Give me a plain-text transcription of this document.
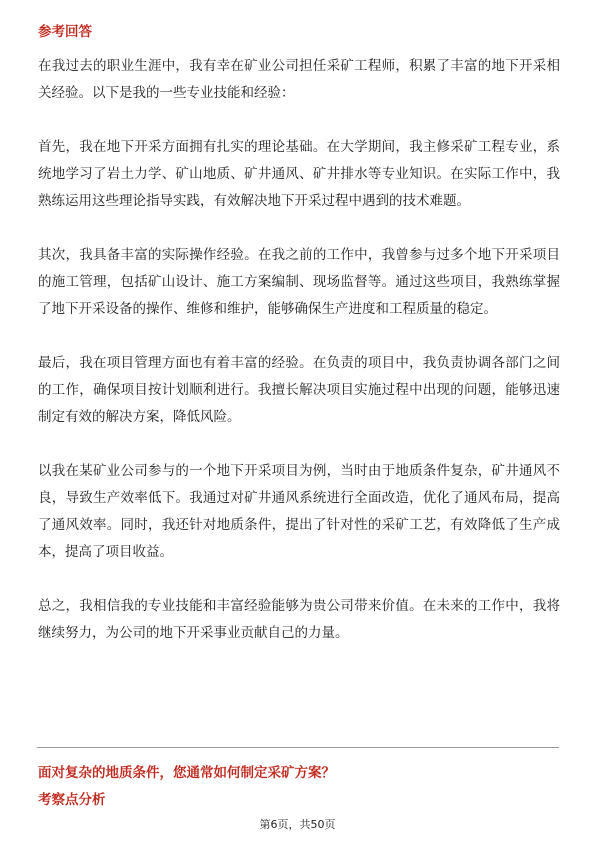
参考回答

在我过去的职业生涯中，我有幸在矿业公司担任采矿工程师，积累了丰富的地下开采相关经验。以下是我的一些专业技能和经验：

首先，我在地下开采方面拥有扎实的理论基础。在大学期间，我主修采矿工程专业，系统地学习了岩土力学、矿山地质、矿井通风、矿井排水等专业知识。在实际工作中，我熟练运用这些理论指导实践，有效解决地下开采过程中遇到的技术难题。

其次，我具备丰富的实际操作经验。在我之前的工作中，我曾参与过多个地下开采项目的施工管理，包括矿山设计、施工方案编制、现场监督等。通过这些项目，我熟练掌握了地下开采设备的操作、维修和维护，能够确保生产进度和工程质量的稳定。

最后，我在项目管理方面也有着丰富的经验。在负责的项目中，我负责协调各部门之间的工作，确保项目按计划顺利进行。我擅长解决项目实施过程中出现的问题，能够迅速制定有效的解决方案，降低风险。

以我在某矿业公司参与的一个地下开采项目为例，当时由于地质条件复杂，矿井通风不良，导致生产效率低下。我通过对矿井通风系统进行全面改造，优化了通风布局，提高了通风效率。同时，我还针对地质条件，提出了针对性的采矿工艺，有效降低了生产成本，提高了项目收益。

总之，我相信我的专业技能和丰富经验能够为贵公司带来价值。在未来的工作中，我将继续努力，为公司的地下开采事业贡献自己的力量。

面对复杂的地质条件，您通常如何制定采矿方案？
考察点分析
第6页，共50页
